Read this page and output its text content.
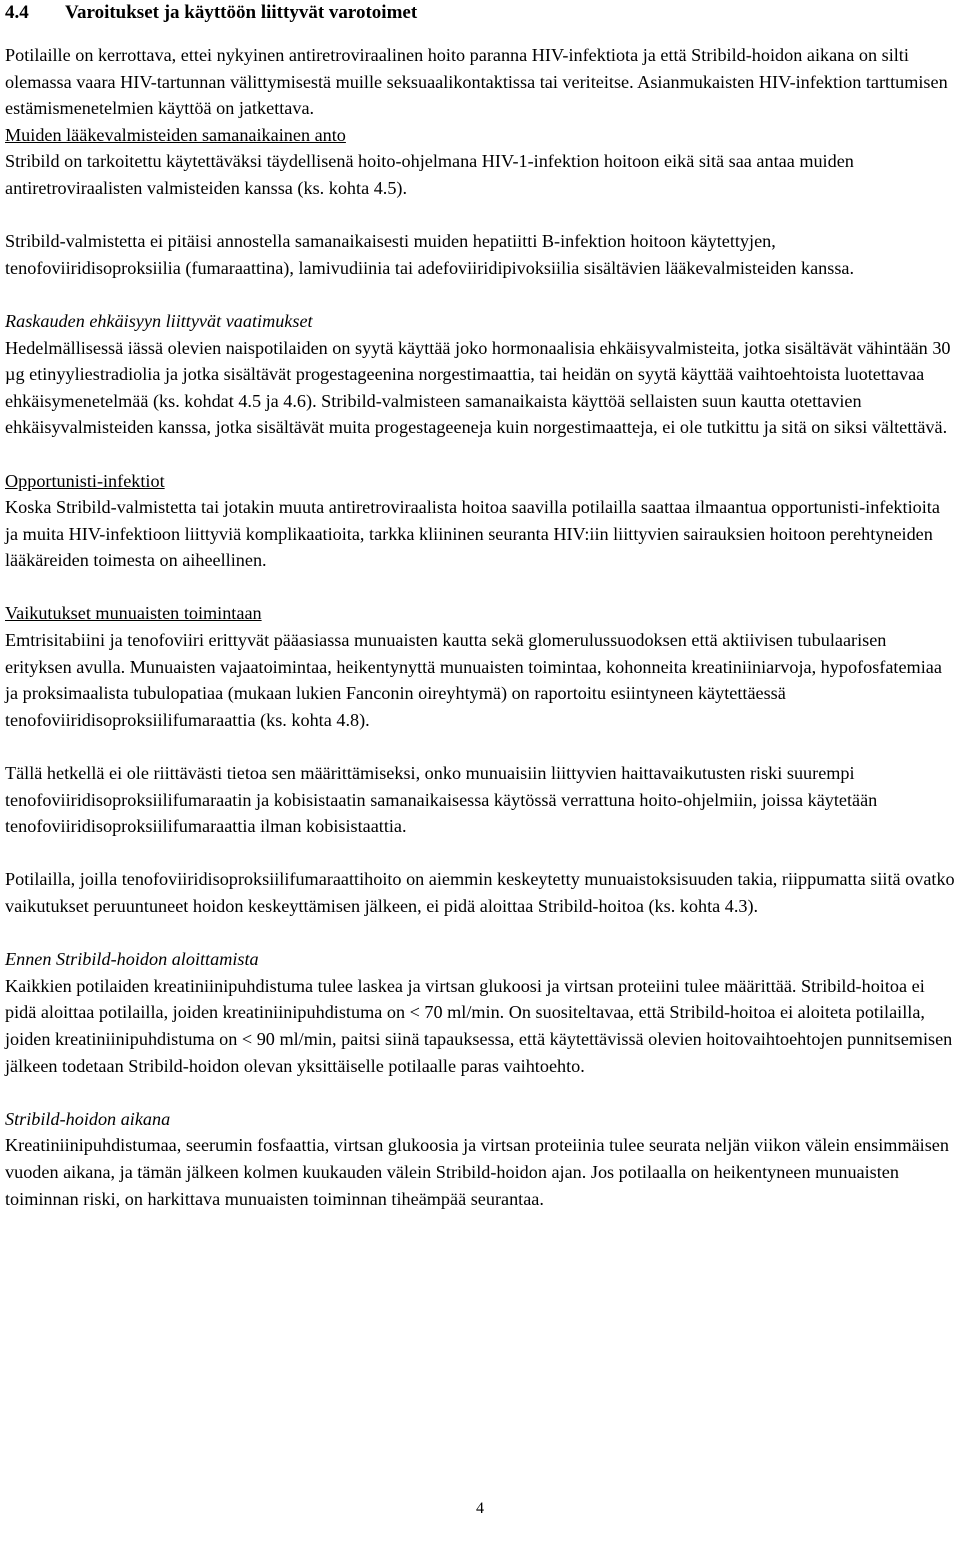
4.4	Varoitukset ja käyttöön liittyvät varotoimet

Potilaille on kerrottava, ettei nykyinen antiretroviraalinen hoito paranna HIV-infektiota ja että Stribild-hoidon aikana on silti olemassa vaara HIV-tartunnan välittymisestä muille seksuaalikontaktissa tai veriteitse. Asianmukaisten HIV-infektion tarttumisen estämismenetelmien käyttöä on jatkettava.

Muiden lääkevalmisteiden samanaikainen anto

Stribild on tarkoitettu käytettäväksi täydellisenä hoito-ohjelmana HIV-1-infektion hoitoon eikä sitä saa antaa muiden antiretroviraalisten valmisteiden kanssa (ks. kohta 4.5).

Stribild-valmistetta ei pitäisi annostella samanaikaisesti muiden hepatiitti B-infektion hoitoon käytettyjen, tenofoviiridisoproksiilia (fumaraattina), lamivudiinia tai adefoviiridipivoksiilia sisältävien lääkevalmisteiden kanssa.

Raskauden ehkäisyyn liittyvät vaatimukset

Hedelmällisessä iässä olevien naispotilaiden on syytä käyttää joko hormonaalisia ehkäisyvalmisteita, jotka sisältävät vähintään 30 µg etinyyliestradiolia ja jotka sisältävät progestageenina norgestimaattia, tai heidän on syytä käyttää vaihtoehtoista luotettavaa ehkäisymenetelmää (ks. kohdat 4.5 ja 4.6). Stribild-valmisteen samanaikaista käyttöä sellaisten suun kautta otettavien ehkäisyvalmisteiden kanssa, jotka sisältävät muita progestageeneja kuin norgestimaatteja, ei ole tutkittu ja sitä on siksi vältettävä.

Opportunisti-infektiot

Koska Stribild-valmistetta tai jotakin muuta antiretroviraalista hoitoa saavilla potilailla saattaa ilmaantua opportunisti-infektioita ja muita HIV-infektioon liittyviä komplikaatioita, tarkka kliininen seuranta HIV:iin liittyvien sairauksien hoitoon perehtyneiden lääkäreiden toimesta on aiheellinen.

Vaikutukset munuaisten toimintaan

Emtrisitabiini ja tenofoviiri erittyvät pääasiassa munuaisten kautta sekä glomerulussuodoksen että aktiivisen tubulaarisen erityksen avulla. Munuaisten vajaatoimintaa, heikentynyttä munuaisten toimintaa, kohonneita kreatiniiniarvoja, hypofosfatemiaa ja proksimaalista tubulopatiaa (mukaan lukien Fanconin oireyhtymä) on raportoitu esiintyneen käytettäessä tenofoviiridisoproksiilifumaraattia (ks. kohta 4.8).

Tällä hetkellä ei ole riittävästi tietoa sen määrittämiseksi, onko munuaisiin liittyvien haittavaikutusten riski suurempi tenofoviiridisoproksiilifumaraatin ja kobisistaatin samanaikaisessa käytössä verrattuna hoito-ohjelmiin, joissa käytetään tenofoviiridisoproksiilifumaraattia ilman kobisistaattia.

Potilailla, joilla tenofoviiridisoproksiilifumaraattihoito on aiemmin keskeytetty munuaistoksisuuden takia, riippumatta siitä ovatko vaikutukset peruuntuneet hoidon keskeyttämisen jälkeen, ei pidä aloittaa Stribild-hoitoa (ks. kohta 4.3).

Ennen Stribild-hoidon aloittamista

Kaikkien potilaiden kreatiniinipuhdistuma tulee laskea ja virtsan glukoosi ja virtsan proteiini tulee määrittää. Stribild-hoitoa ei pidä aloittaa potilailla, joiden kreatiniinipuhdistuma on < 70 ml/min. On suositeltavaa, että Stribild-hoitoa ei aloiteta potilailla, joiden kreatiniinipuhdistuma on < 90 ml/min, paitsi siinä tapauksessa, että käytettävissä olevien hoitovaihtoehtojen punnitsemisen jälkeen todetaan Stribild-hoidon olevan yksittäiselle potilaalle paras vaihtoehto.

Stribild-hoidon aikana

Kreatiniinipuhdistumaa, seerumin fosfaattia, virtsan glukoosia ja virtsan proteiinia tulee seurata neljän viikon välein ensimmäisen vuoden aikana, ja tämän jälkeen kolmen kuukauden välein Stribild-hoidon ajan. Jos potilaalla on heikentyneen munuaisten toiminnan riski, on harkittava munuaisten toiminnan tiheämpää seurantaa.

4
